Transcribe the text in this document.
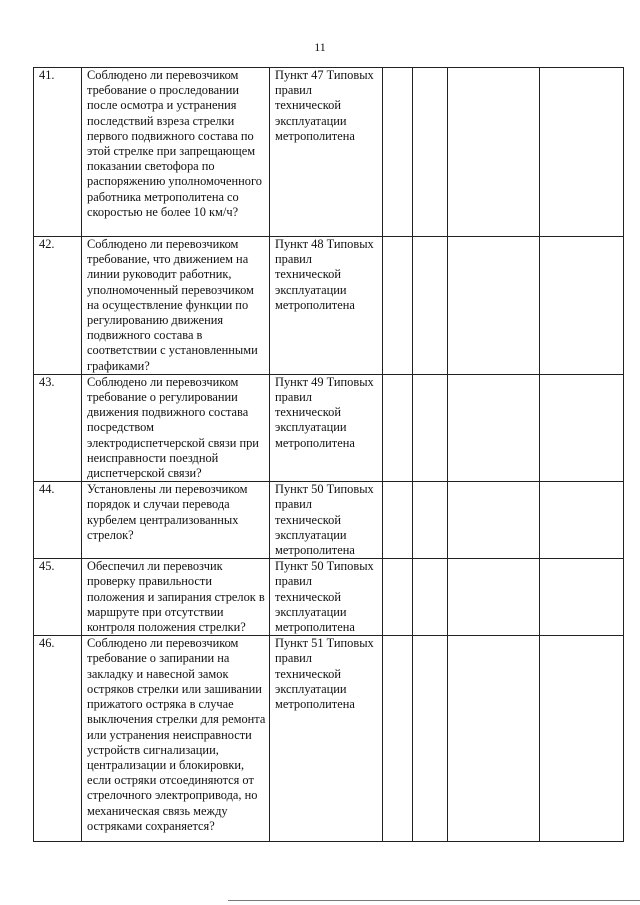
11
41.	Соблюдено ли перевозчиком требование о проследовании после осмотра и устранения последствий взреза стрелки первого подвижного состава по этой стрелке при запрещающем показании светофора по распоряжению уполномоченного работника метрополитена со скоростью не более 10 км/ч?	Пункт 47 Типовых правил технической эксплуатации метрополитена				
42.	Соблюдено ли перевозчиком требование, что движением на линии руководит работник, уполномоченный перевозчиком на осуществление функции по регулированию движения подвижного состава в соответствии с установленными графиками?	Пункт 48 Типовых правил технической эксплуатации метрополитена				
43.	Соблюдено ли перевозчиком требование о регулировании движения подвижного состава посредством электродиспетчерской связи при неисправности поездной диспетчерской связи?	Пункт 49 Типовых правил технической эксплуатации метрополитена				
44.	Установлены ли перевозчиком порядок и случаи перевода курбелем централизованных стрелок?	Пункт 50 Типовых правил технической эксплуатации метрополитена				
45.	Обеспечил ли перевозчик проверку правильности положения и запирания стрелок в маршруте при отсутствии контроля положения стрелки?	Пункт 50 Типовых правил технической эксплуатации метрополитена				
46.	Соблюдено ли перевозчиком требование о запирании на закладку и навесной замок остряков стрелки или зашивании прижатого остряка в случае выключения стрелки для ремонта или устранения неисправности устройств сигнализации, централизации и блокировки, если остряки отсоединяются от стрелочного электропривода, но механическая связь между остряками сохраняется?	Пункт 51 Типовых правил технической эксплуатации метрополитена				
